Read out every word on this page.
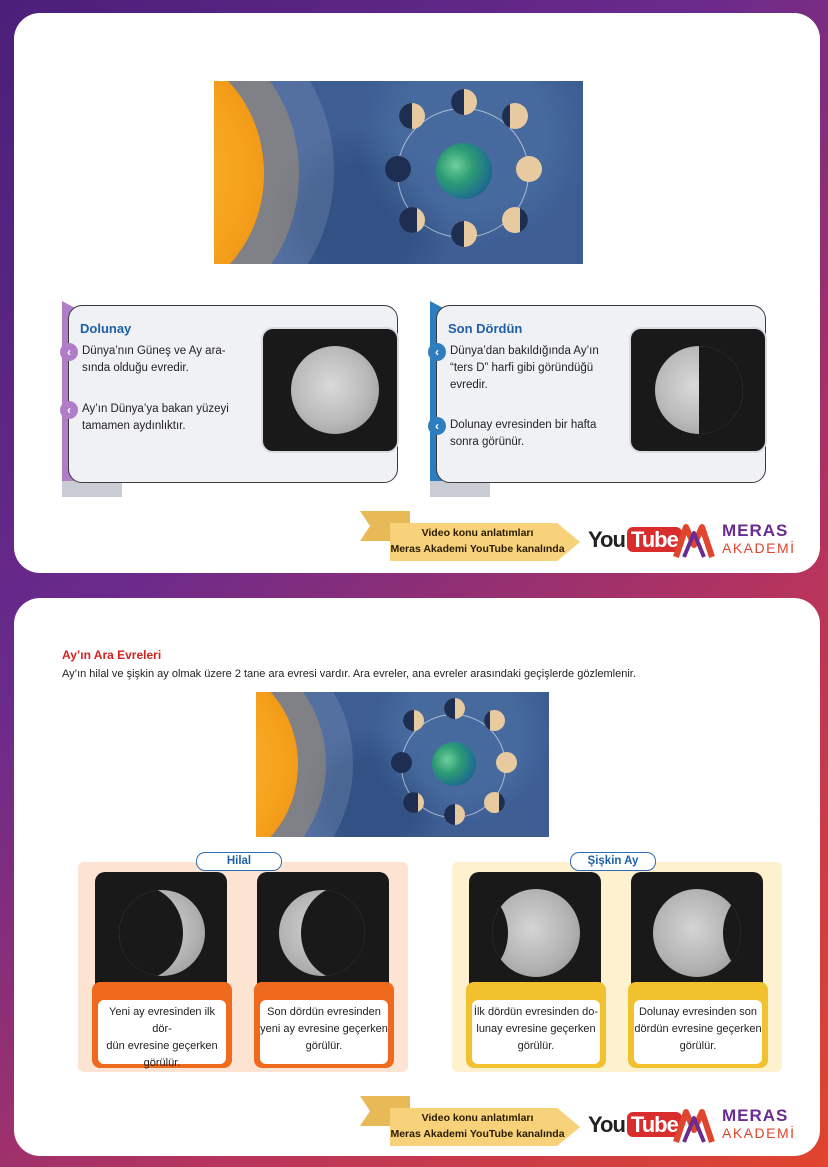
Dolunay
‹ Dünya’nın Güneş ve Ay ara-
sında olduğu evredir.
‹ Ay’ın Dünya’ya bakan yüzeyi
tamamen aydınlıktır.
Son Dördün
‹ Dünya’dan bakıldığında Ay’ın
“ters D” harfi gibi göründüğü
evredir.
‹ Dolunay evresinden bir hafta
sonra görünür.
Video konu anlatımları
Meras Akademi YouTube kanalında You Tube	MERAS
AKADEMİ
Ay’ın Ara Evreleri
Ay’ın hilal ve şişkin ay olmak üzere 2 tane ara evresi vardır. Ara evreler, ana evreler arasındaki geçişlerde gözlemlenir.
Hilal
Yeni ay evresinden ilk dör-
dün evresine geçerken
görülür.
Son dördün evresinden
yeni ay evresine geçerken
görülür.
Şişkin Ay
İlk dördün evresinden do-
lunay evresine geçerken
görülür.
Dolunay evresinden son
dördün evresine geçerken
görülür.
Video konu anlatımları
Meras Akademi YouTube kanalında You Tube	MERAS
AKADEMİ
